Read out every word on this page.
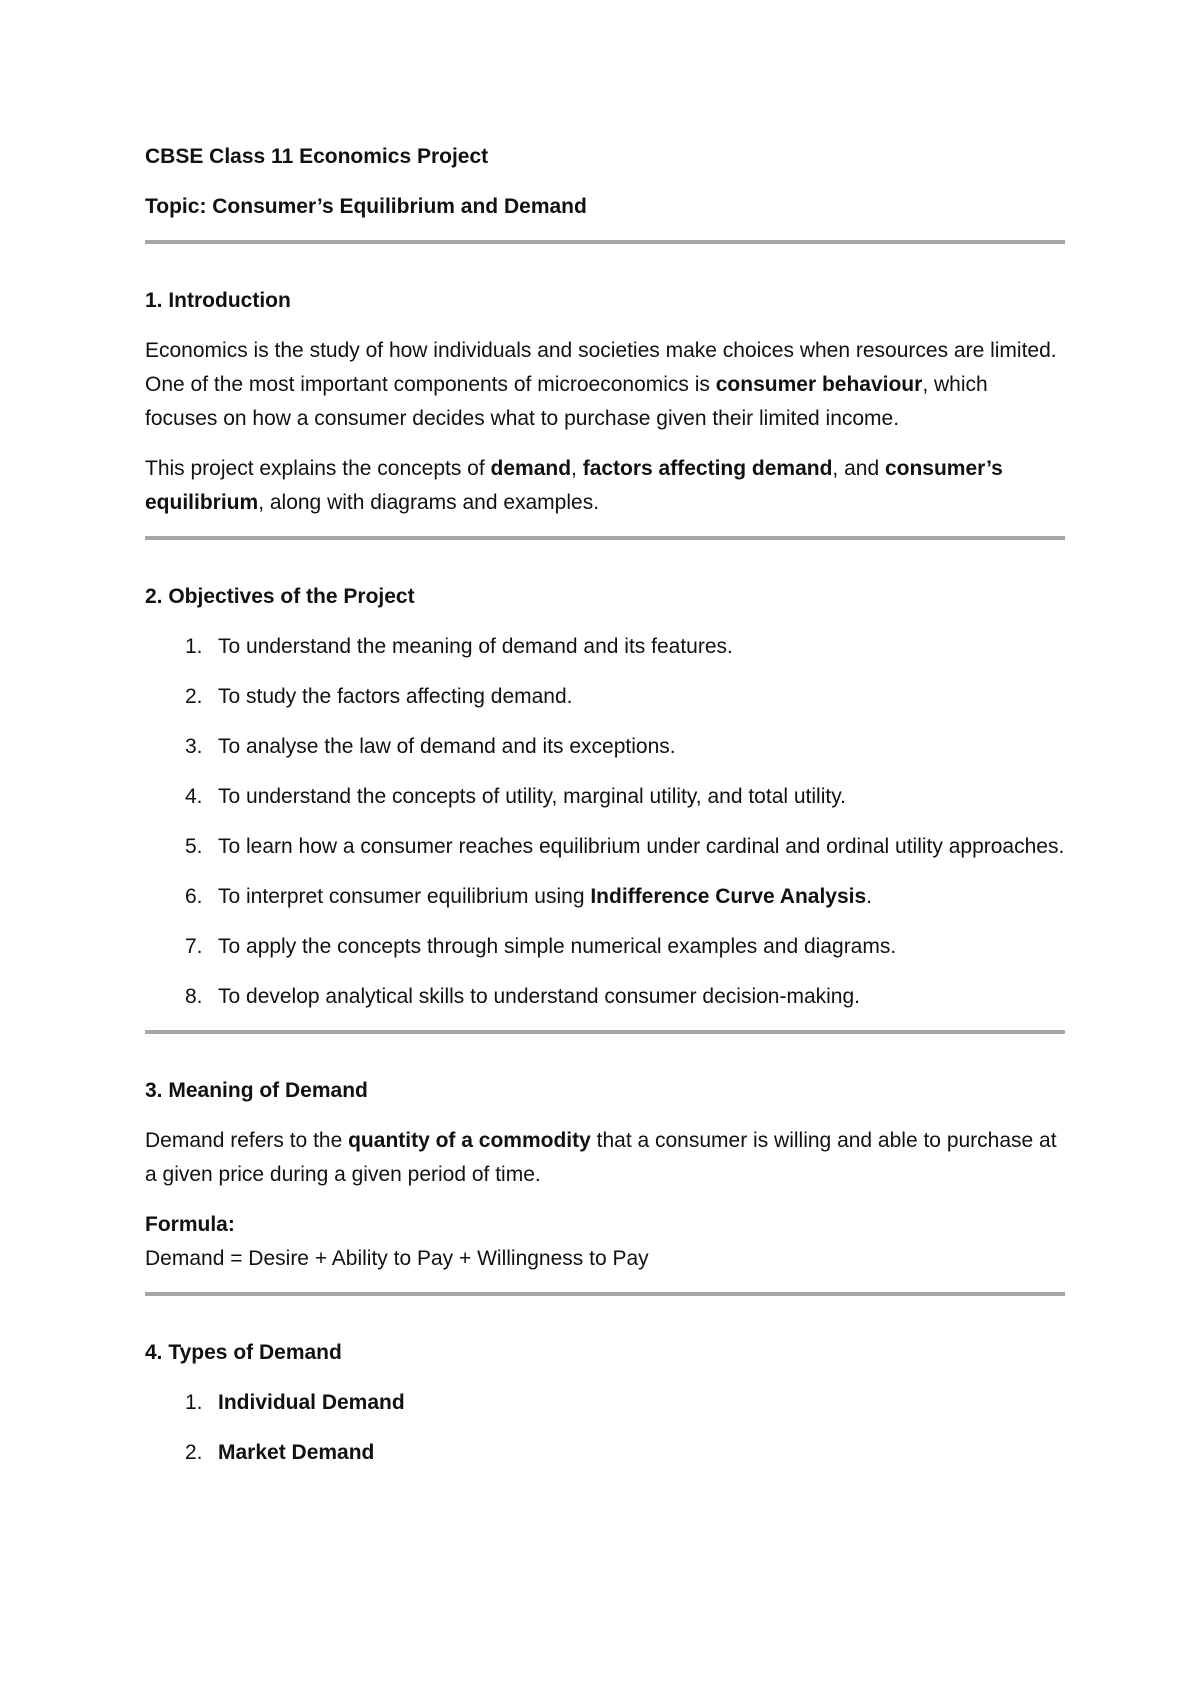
CBSE Class 11 Economics Project

Topic: Consumer’s Equilibrium and Demand

1. Introduction

Economics is the study of how individuals and societies make choices when resources are limited. One of the most important components of microeconomics is consumer behaviour, which focuses on how a consumer decides what to purchase given their limited income.

This project explains the concepts of demand, factors affecting demand, and consumer’s equilibrium, along with diagrams and examples.

2. Objectives of the Project

1. To understand the meaning of demand and its features.
2. To study the factors affecting demand.
3. To analyse the law of demand and its exceptions.
4. To understand the concepts of utility, marginal utility, and total utility.
5. To learn how a consumer reaches equilibrium under cardinal and ordinal utility approaches.
6. To interpret consumer equilibrium using Indifference Curve Analysis.
7. To apply the concepts through simple numerical examples and diagrams.
8. To develop analytical skills to understand consumer decision-making.

3. Meaning of Demand

Demand refers to the quantity of a commodity that a consumer is willing and able to purchase at a given price during a given period of time.

Formula:

Demand = Desire + Ability to Pay + Willingness to Pay

4. Types of Demand

1. Individual Demand
2. Market Demand
